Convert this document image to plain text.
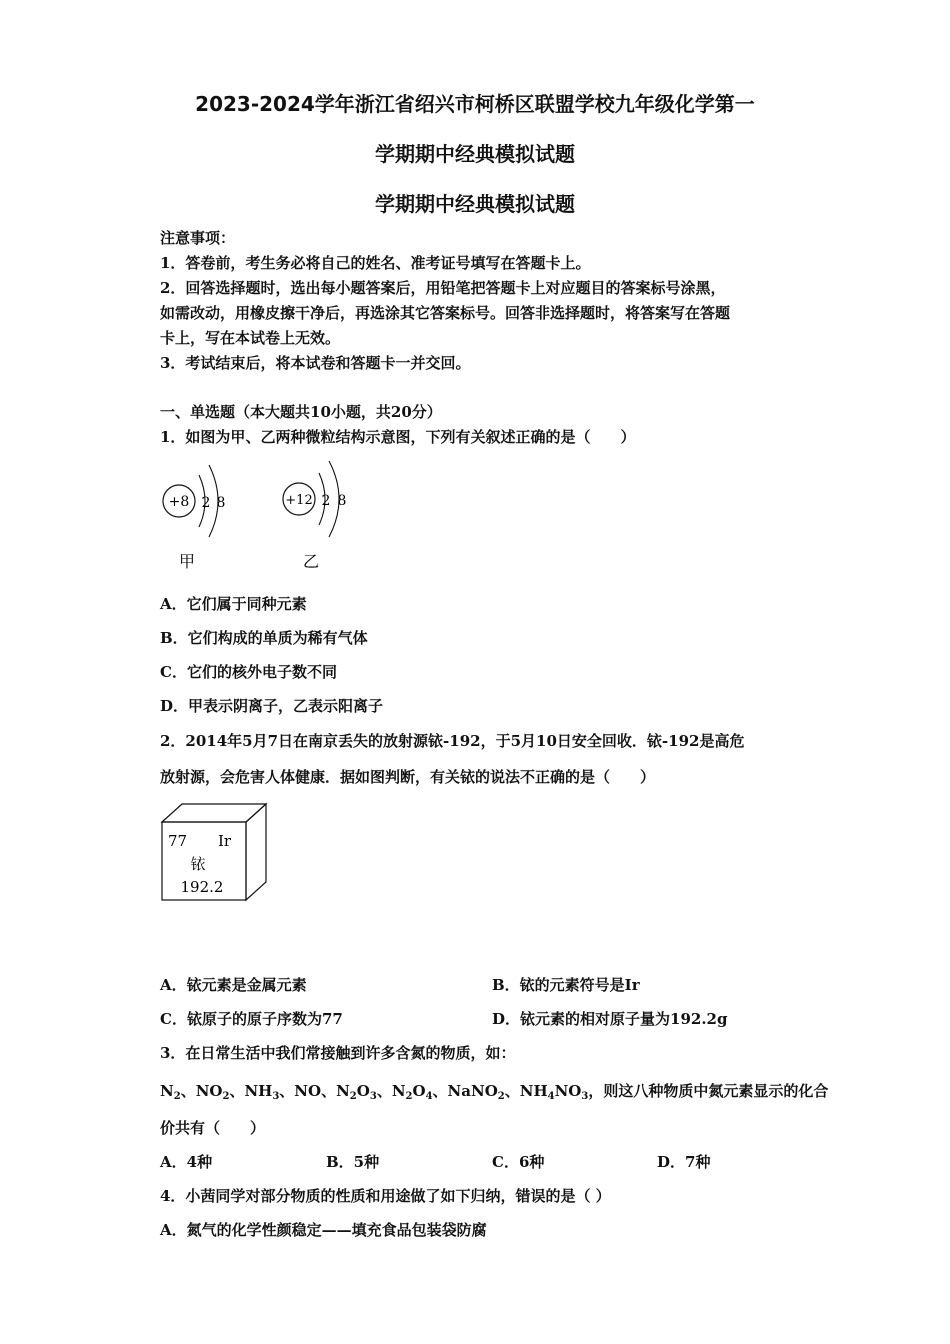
2023-2024学年浙江省绍兴市柯桥区联盟学校九年级化学第一
学期期中经典模拟试题
学期期中经典模拟试题
注意事项：
1．答卷前，考生务必将自己的姓名、准考证号填写在答题卡上。
2．回答选择题时，选出每小题答案后，用铅笔把答题卡上对应题目的答案标号涂黑，
如需改动，用橡皮擦干净后，再选涂其它答案标号。回答非选择题时，将答案写在答题
卡上，写在本试卷上无效。
3．考试结束后，将本试卷和答题卡一并交回。
一、单选题（本大题共10小题，共20分）
1．如图为甲、乙两种微粒结构示意图，下列有关叙述正确的是（　　）
+8 2 8
甲
+12 2 8
乙
A．它们属于同种元素
B．它们构成的单质为稀有气体
C．它们的核外电子数不同
D．甲表示阴离子，乙表示阳离子
2．2014年5月7日在南京丢失的放射源铱-192，于5月10日安全回收．铱-192是高危
放射源，会危害人体健康．据如图判断，有关铱的说法不正确的是（　　）
77 Ir
铱
192.2
A．铱元素是金属元素	B．铱的元素符号是Ir
C．铱原子的原子序数为77	D．铱元素的相对原子量为192.2g
3．在日常生活中我们常接触到许多含氮的物质，如：
$N_2$、$NO_2$、$NH_3$、NO、$N_2O_3$、$N_2O_4$、NaNO$_2$、$NH_4NO_3$，则这八种物质中氮元素显示的化合
价共有（　　）
A．4种	B．5种	C．6种	D．7种
4．小茜同学对部分物质的性质和用途做了如下归纳，错误的是（ ）
A．氮气的化学性颜稳定——填充食品包装袋防腐
